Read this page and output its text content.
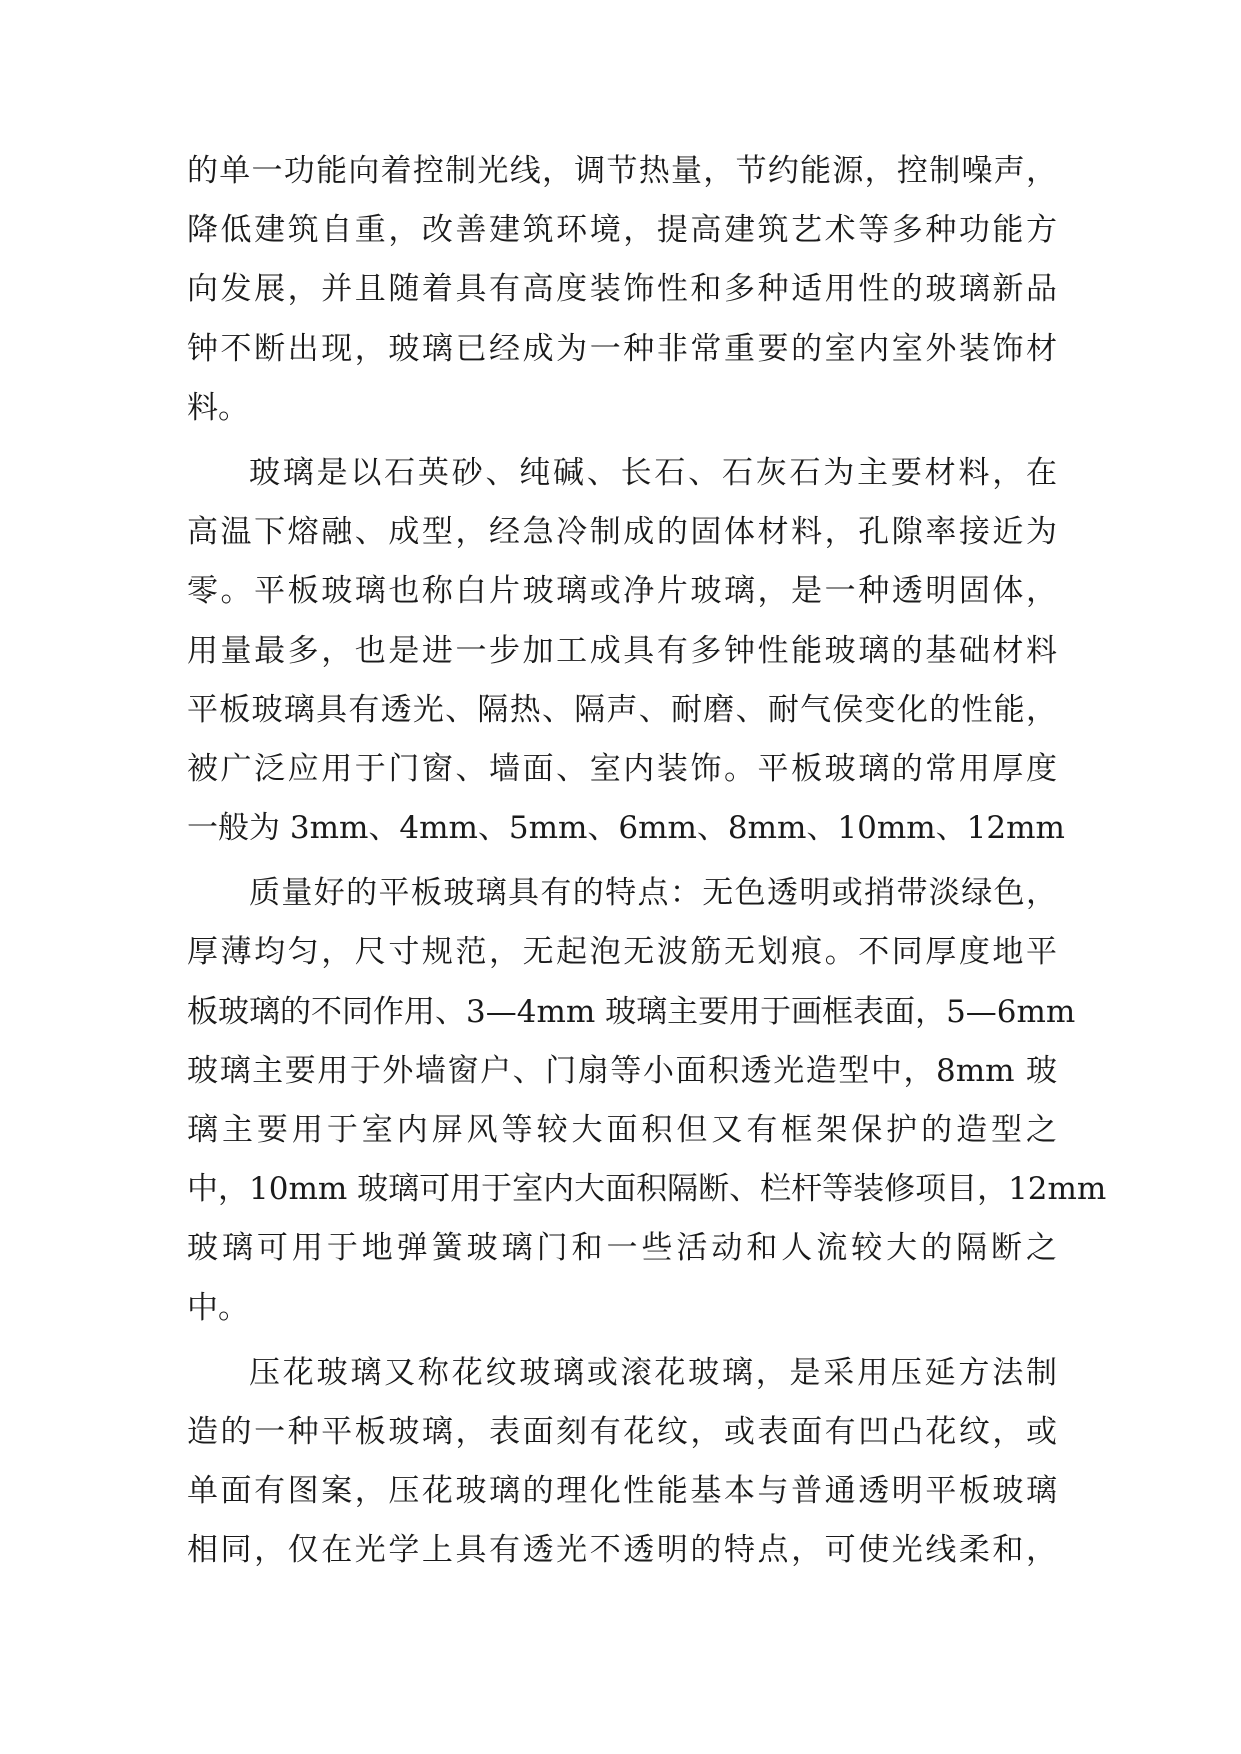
的单一功能向着控制光线，调节热量，节约能源，控制噪声，
降低建筑自重，改善建筑环境，提高建筑艺术等多种功能方
向发展，并且随着具有高度装饰性和多种适用性的玻璃新品
钟不断出现，玻璃已经成为一种非常重要的室内室外装饰材
料。
玻璃是以石英砂、纯碱、长石、石灰石为主要材料，在
高温下熔融、成型，经急冷制成的固体材料，孔隙率接近为
零。平板玻璃也称白片玻璃或净片玻璃，是一种透明固体，
用量最多，也是进一步加工成具有多钟性能玻璃的基础材料
平板玻璃具有透光、隔热、隔声、耐磨、耐气侯变化的性能，
被广泛应用于门窗、墙面、室内装饰。平板玻璃的常用厚度
一般为 3mm、4mm、5mm、6mm、8mm、10mm、12mm
质量好的平板玻璃具有的特点：无色透明或捎带淡绿色，
厚薄均匀，尺寸规范，无起泡无波筋无划痕。不同厚度地平
板玻璃的不同作用、3—4mm 玻璃主要用于画框表面，5—6mm
玻璃主要用于外墙窗户、门扇等小面积透光造型中，8mm 玻
璃主要用于室内屏风等较大面积但又有框架保护的造型之
中，10mm 玻璃可用于室内大面积隔断、栏杆等装修项目，12mm
玻璃可用于地弹簧玻璃门和一些活动和人流较大的隔断之
中。
压花玻璃又称花纹玻璃或滚花玻璃，是采用压延方法制
造的一种平板玻璃，表面刻有花纹，或表面有凹凸花纹，或
单面有图案，压花玻璃的理化性能基本与普通透明平板玻璃
相同，仅在光学上具有透光不透明的特点，可使光线柔和，
